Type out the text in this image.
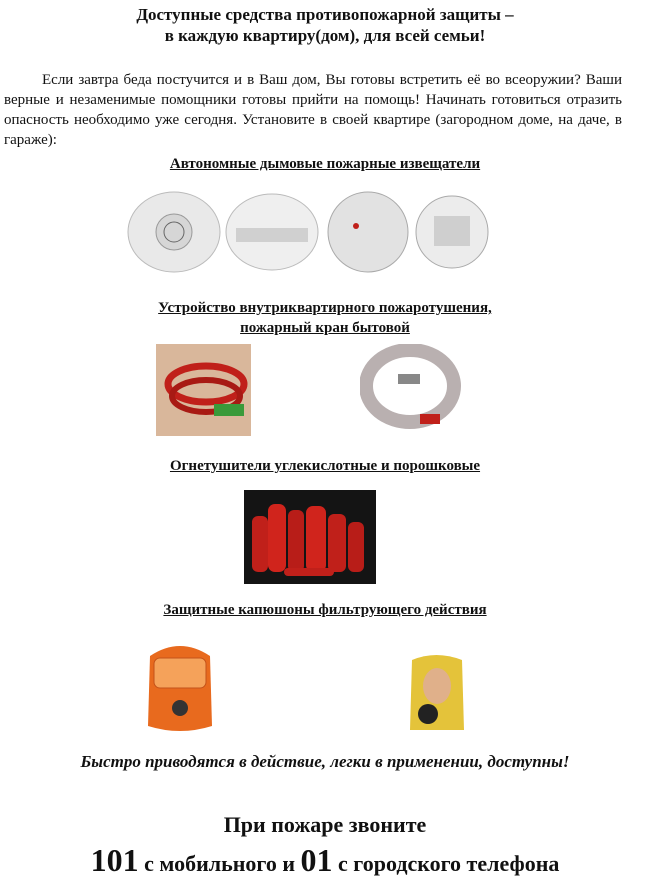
Доступные средства противопожарной защиты –
в каждую квартиру(дом), для всей семьи!
Если завтра беда постучится и в Ваш дом, Вы готовы встретить её во всеоружии? Ваши верные и незаменимые помощники готовы прийти на помощь! Начинать готовиться отразить опасность необходимо уже сегодня. Установите в своей квартире (загородном доме, на даче, в гараже):
Автономные дымовые пожарные извещатели
Устройство внутриквартирного пожаротушения,
пожарный кран бытовой
Огнетушители углекислотные и порошковые
Защитные капюшоны фильтрующего действия
Быстро приводятся в действие, легки в применении, доступны!
При пожаре звоните
101 с мобильного и 01 с городского телефона
